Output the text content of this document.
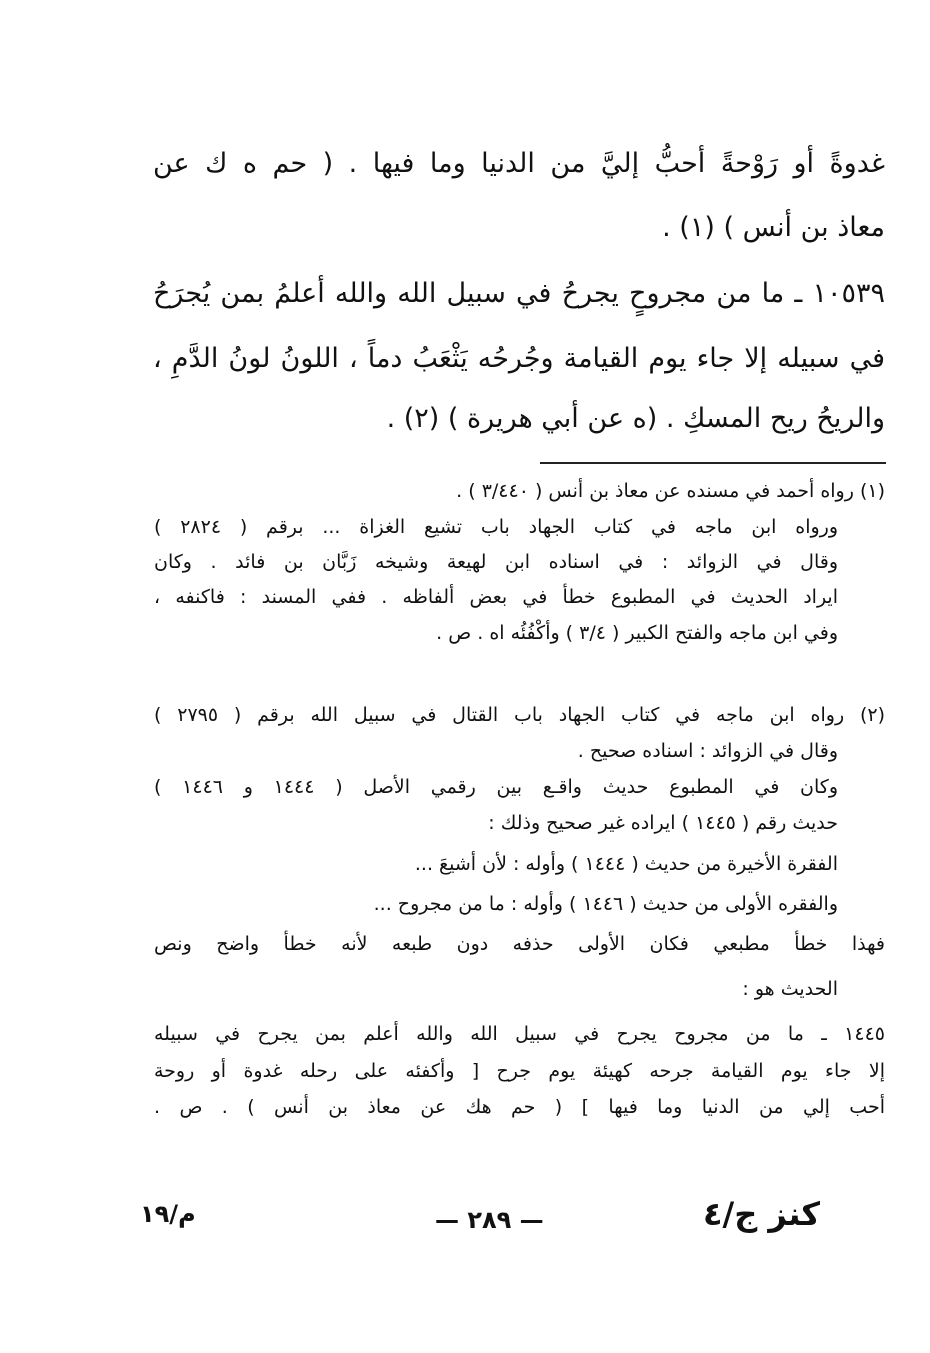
غدوةً أو رَوْحةً أحبُّ إليَّ من الدنيا وما فيها . ( حم ه ك عن
معاذ بن أنس ) (١) .
١٠٥٣٩ ـ ما من مجروحٍ يجرحُ في سبيل الله والله أعلمُ بمن يُجرَحُ
في سبيله إلا جاء يوم القيامة وجُرحُه يَثْعَبُ دماً ، اللونُ لونُ الدَّمِ ،
والريحُ ريح المسكِ . (ه عن أبي هريرة ) (٢) .
(١) رواه أحمد في مسنده عن معاذ بن أنس ( ٣/٤٤٠ ) .
ورواه ابن ماجه في كتاب الجهاد باب تشيع الغزاة ... برقم ( ٢٨٢٤ )
وقال في الزوائد : في اسناده ابن لهيعة وشيخه زَبَّان بن فائد . وكان
ايراد الحديث في المطبوع خطأ في بعض ألفاظه . ففي المسند : فاكنفه ،
وفي ابن ماجه والفتح الكبير ( ٣/٤ ) وأكْفُئُه اه . ص .
(٢) رواه ابن ماجه في كتاب الجهاد باب القتال في سبيل الله برقم ( ٢٧٩٥ )
وقال في الزوائد : اسناده صحيح .
وكان في المطبوع حديث واقـع بين رقمي الأصل ( ١٤٤٤ و ١٤٤٦ )
حديث رقم ( ١٤٤٥ ) ايراده غير صحيح وذلك :
الفقرة الأخيرة من حديث ( ١٤٤٤ ) وأوله : لأن أشيعَ ...
والفقره الأولى من حديث ( ١٤٤٦ ) وأوله : ما من مجروح ...
فهذا خطأ مطبعي فكان الأولى حذفه دون طبعه لأنه خطأ واضح ونص
الحديث هو :
١٤٤٥ ـ ما من مجروح يجرح في سبيل الله والله أعلم بمن يجرح في سبيله
إلا جاء يوم القيامة جرحه كهيئة يوم جرح [ وأكفئه على رحله غدوة أو روحة
أحب إلي من الدنيا وما فيها ] ( حم هك عن معاذ بن أنس ) . ص .
كنز ج/٤
— ٢٨٩ —
م/١٩
